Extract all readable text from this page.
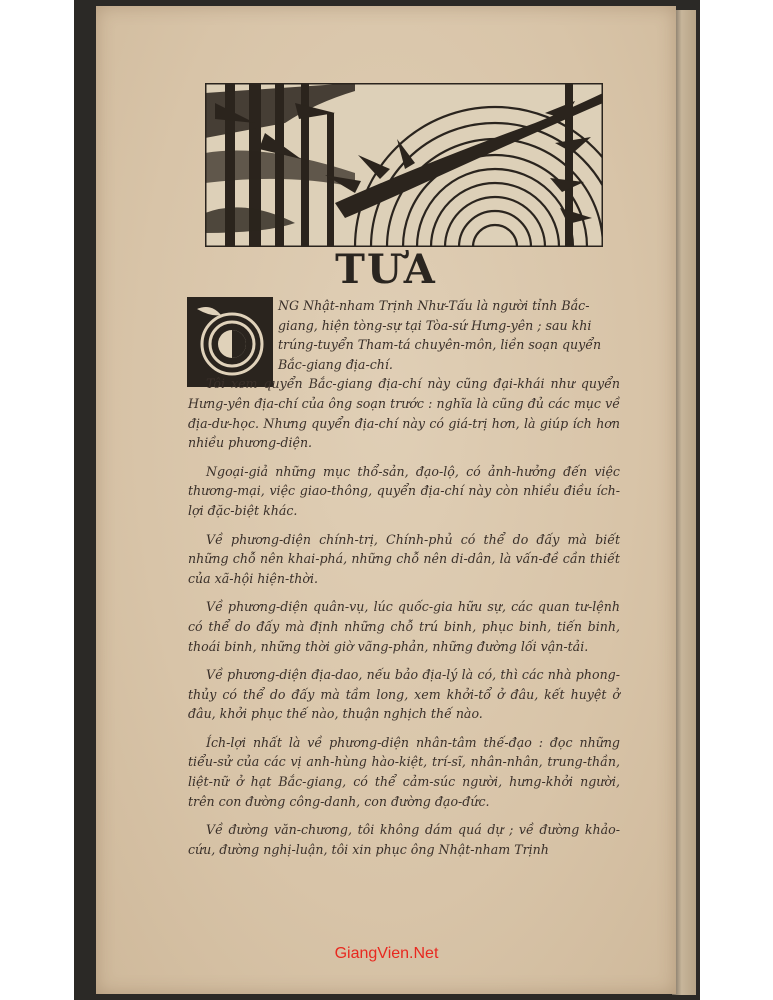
TƯA

NG Nhật-nham Trịnh Như-Tấu là người tỉnh Bắc-

giang, hiện tòng-sự tại Tòa-sứ Hưng-yên ; sau khi

trúng-tuyển Tham-tá chuyên-môn, liền soạn quyển

Bắc-giang địa-chí.

Tôi xem quyển Bắc-giang địa-chí này cũng đại-khái như quyển Hưng-yên địa-chí của ông soạn trước : nghĩa là cũng đủ các mục về địa-dư-học. Nhưng quyển địa-chí này có giá-trị hơn, là giúp ích hơn nhiều phương-diện.

Ngoại-giả những mục thổ-sản, đạo-lộ, có ảnh-hưởng đến việc thương-mại, việc giao-thông, quyển địa-chí này còn nhiều điều ích-lợi đặc-biệt khác.

Về phương-diện chính-trị, Chính-phủ có thể do đấy mà biết những chỗ nên khai-phá, những chỗ nên di-dân, là vấn-đề cần thiết của xã-hội hiện-thời.

Về phương-diện quân-vụ, lúc quốc-gia hữu sự, các quan tư-lệnh có thể do đấy mà định những chỗ trú binh, phục binh, tiến binh, thoái binh, những thời giờ vãng-phản, những đường lối vận-tải.

Về phương-diện địa-dao, nếu bảo địa-lý là có, thì các nhà phong-thủy có thể do đấy mà tầm long, xem khởi-tổ ở đâu, kết huyệt ở đâu, khởi phục thế nào, thuận nghịch thế nào.

Ích-lợi nhất là về phương-diện nhân-tâm thế-đạo : đọc những tiểu-sử của các vị anh-hùng hào-kiệt, trí-sĩ, nhân-nhân, trung-thần, liệt-nữ ở hạt Bắc-giang, có thể cảm-súc người, hưng-khởi người, trên con đường công-danh, con đường đạo-đức.

Về đường văn-chương, tôi không dám quá dự ; về đường khảo-cứu, đường nghị-luận, tôi xin phục ông Nhật-nham Trịnh

GiangVien.Net
